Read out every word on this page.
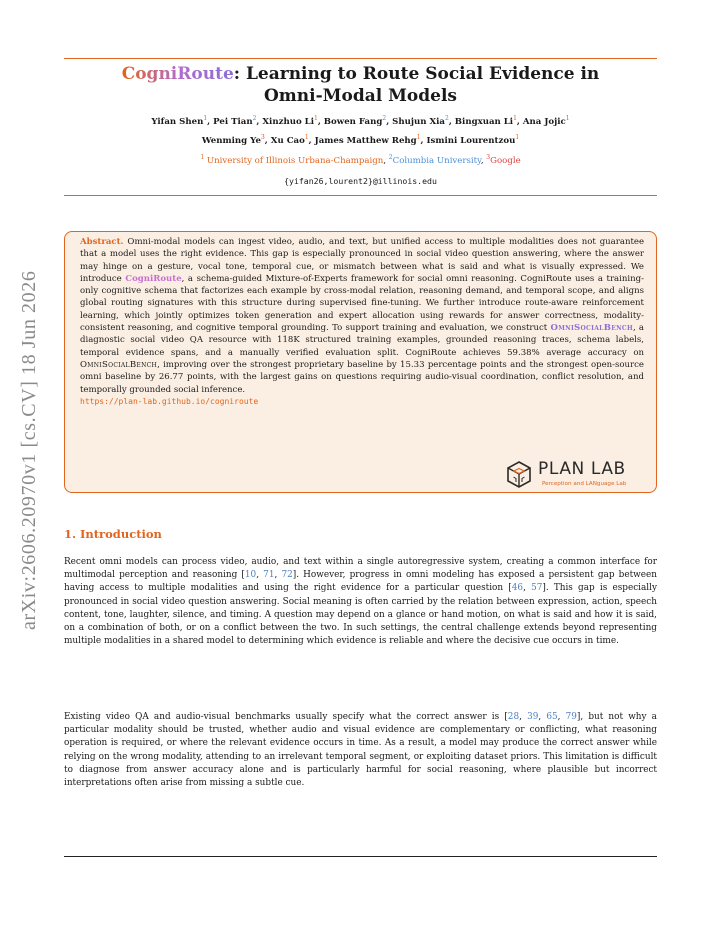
arXiv:2606.20970v1 [cs.CV] 18 Jun 2026
CogniRoute: Learning to Route Social Evidence in
Omni-Modal Models
Yifan Shen$^1$, Pei Tian$^2$, Xinzhuo Li$^1$, Bowen Fang$^2$, Shujun Xia$^2$, Bingxuan Li$^1$, Ana Jojic$^1$
Wenming Ye$^3$, Xu Cao$^1$, James Matthew Rehg$^1$, Ismini Lourentzou$^1$
$^1$ University of Illinois Urbana-Champaign, $^2$Columbia University, $^3$Google
{yifan26,lourent2}@illinois.edu
Abstract. Omni-modal models can ingest video, audio, and text, but unified access to multiple modalities does not guarantee that a model uses the right evidence. This gap is especially pronounced in social video question answering, where the answer may hinge on a gesture, vocal tone, temporal cue, or mismatch between what is said and what is visually expressed. We introduce CogniRoute, a schema-guided Mixture-of-Experts framework for social omni reasoning. CogniRoute uses a training-only cognitive schema that factorizes each example by cross-modal relation, reasoning demand, and temporal scope, and aligns global routing signatures with this structure during supervised fine-tuning. We further introduce route-aware reinforcement learning, which jointly optimizes token generation and expert allocation using rewards for answer correctness, modality-consistent reasoning, and cognitive temporal grounding. To support training and evaluation, we construct OmniSocialBench, a diagnostic social video QA resource with 118K structured training examples, grounded reasoning traces, schema labels, temporal evidence spans, and a manually verified evaluation split. CogniRoute achieves 59.38% average accuracy on OmniSocialBench, improving over the strongest proprietary baseline by 15.33 percentage points and the strongest open-source omni baseline by 26.77 points, with the largest gains on questions requiring audio-visual coordination, conflict resolution, and temporally grounded social inference.
https://plan-lab.github.io/cogniroute
PLAN LAB
Perception and LANguage Lab
1. Introduction
Recent omni models can process video, audio, and text within a single autoregressive system, creating a common interface for multimodal perception and reasoning [10, 71, 72]. However, progress in omni modeling has exposed a persistent gap between having access to multiple modalities and using the right evidence for a particular question [46, 57]. This gap is especially pronounced in social video question answering. Social meaning is often carried by the relation between expression, action, speech content, tone, laughter, silence, and timing. A question may depend on a glance or hand motion, on what is said and how it is said, on a combination of both, or on a conflict between the two. In such settings, the central challenge extends beyond representing multiple modalities in a shared model to determining which evidence is reliable and where the decisive cue occurs in time.
Existing video QA and audio-visual benchmarks usually specify what the correct answer is [28, 39, 65, 79], but not why a particular modality should be trusted, whether audio and visual evidence are complementary or conflicting, what reasoning operation is required, or where the relevant evidence occurs in time. As a result, a model may produce the correct answer while relying on the wrong modality, attending to an irrelevant temporal segment, or exploiting dataset priors. This limitation is difficult to diagnose from answer accuracy alone and is particularly harmful for social reasoning, where plausible but incorrect interpretations often arise from missing a subtle cue.
